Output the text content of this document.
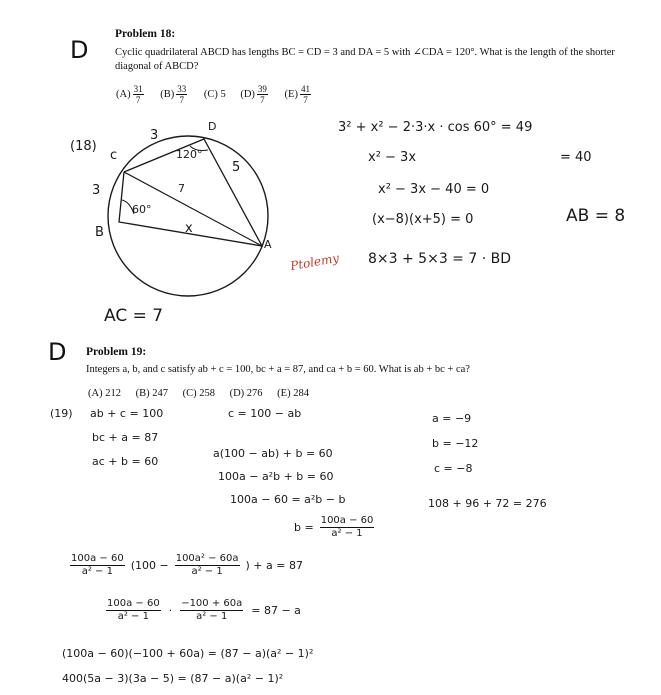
D
Problem 18:
Cyclic quadrilateral ABCD has lengths BC = CD = 3 and DA = 5 with ∠CDA = 120°. What is the length of the shorter diagonal of ABCD?
$(A) \frac{31}{7}$
$(B) \frac{33}{7}$
(C) 5
$(D) \frac{39}{7}$
$(E) \frac{41}{7}$
(18)
c
3
D
120°
5
7
3
60°
B	x
A
3² + x² − 2·3·x · cos 60° = 49
x² − 3x	= 40
x² − 3x − 40 = 0
(x−8)(x+5) = 0	AB = 8
Ptolemy 8×3 + 5×3 = 7 · BD
AC = 7
D Problem 19:
Integers a, b, and c satisfy ab + c = 100, bc + a = 87, and ca + b = 60. What is ab + bc + ca?
(A) 212 (B) 247 (C) 258 (D) 276 (E) 284
(19) ab + c = 100	c = 100 − ab
bc + a = 87
ac + b = 60
a(100 − ab) + b = 60
100a − a²b + b = 60
100a − 60 = a²b − b
$b = \frac{100a - 60}{\text{a² − 1}}$
a = −9
b = −12
c = −8
108 + 96 + 72 = 276
$\frac{100a - 60}{\text{a² − 1}} (100 - \frac{\text{100a² − 60a}}{\text{a² − 1}}$ ) + a = 87
$\frac{100a - 60}{\text{a² − 1}} \cdot \frac{-100 + 60a}{\text{a² − 1}} = 87 - a$
(100a − 60)(−100 + 60a) = (87 − a)(a² − 1)²
400(5a − 3)(3a − 5) = (87 − a)(a² − 1)²
